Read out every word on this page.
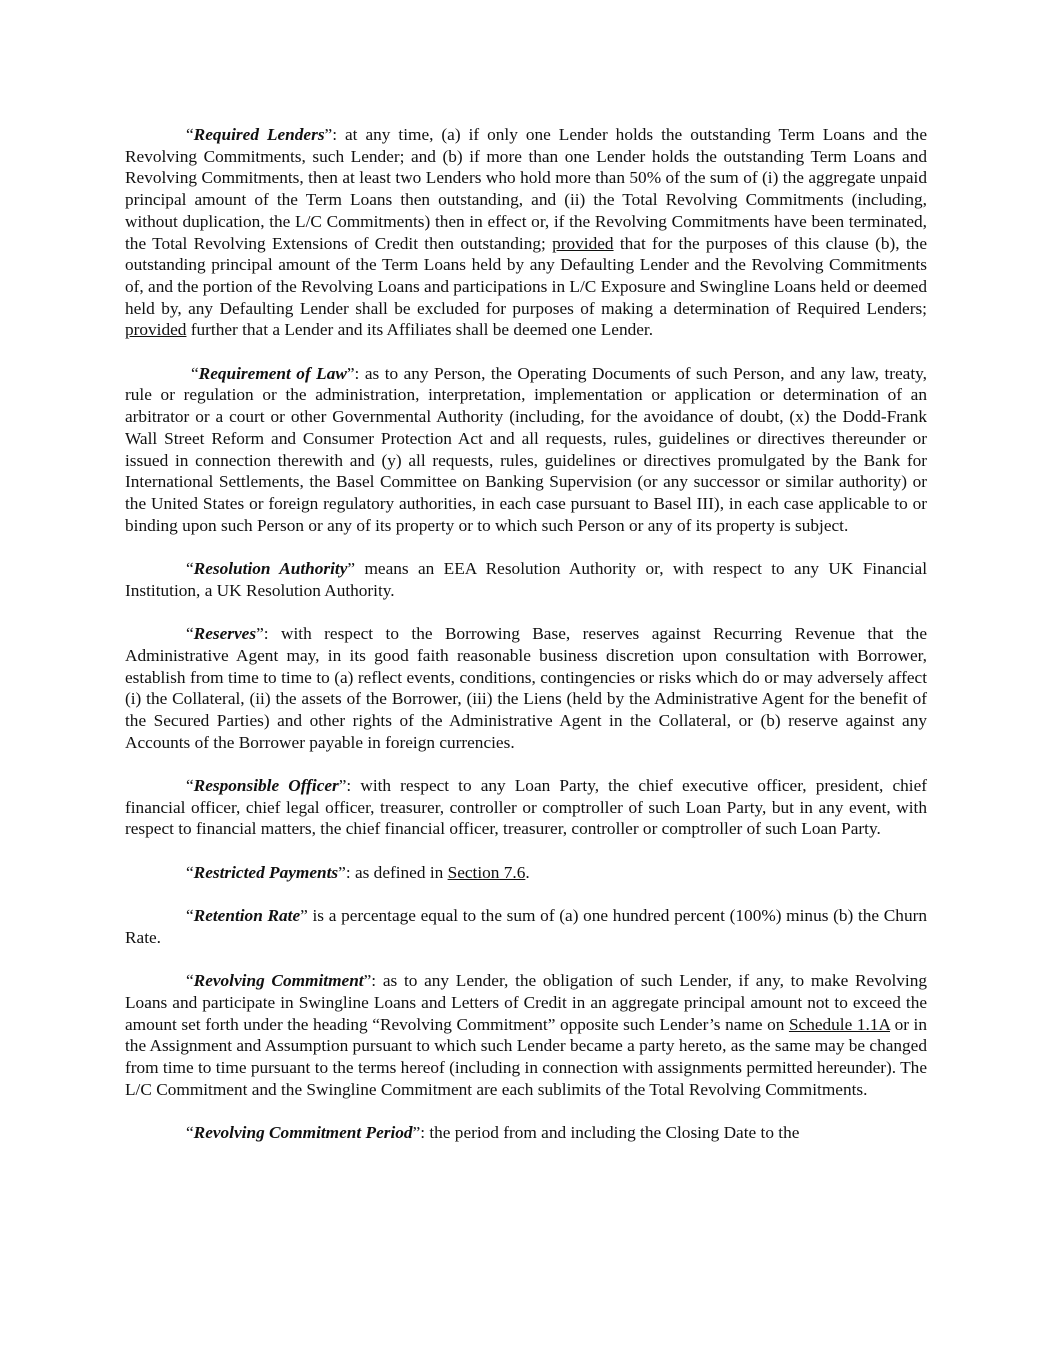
“Required Lenders”: at any time, (a) if only one Lender holds the outstanding Term Loans and the Revolving Commitments, such Lender; and (b) if more than one Lender holds the outstanding Term Loans and Revolving Commitments, then at least two Lenders who hold more than 50% of the sum of (i) the aggregate unpaid principal amount of the Term Loans then outstanding, and (ii) the Total Revolving Commitments (including, without duplication, the L/C Commitments) then in effect or, if the Revolving Commitments have been terminated, the Total Revolving Extensions of Credit then outstanding; provided that for the purposes of this clause (b), the outstanding principal amount of the Term Loans held by any Defaulting Lender and the Revolving Commitments of, and the portion of the Revolving Loans and participations in L/C Exposure and Swingline Loans held or deemed held by, any Defaulting Lender shall be excluded for purposes of making a determination of Required Lenders; provided further that a Lender and its Affiliates shall be deemed one Lender.

“Requirement of Law”: as to any Person, the Operating Documents of such Person, and any law, treaty, rule or regulation or the administration, interpretation, implementation or application or determination of an arbitrator or a court or other Governmental Authority (including, for the avoidance of doubt, (x) the Dodd-Frank Wall Street Reform and Consumer Protection Act and all requests, rules, guidelines or directives thereunder or issued in connection therewith and (y) all requests, rules, guidelines or directives promulgated by the Bank for International Settlements, the Basel Committee on Banking Supervision (or any successor or similar authority) or the United States or foreign regulatory authorities, in each case pursuant to Basel III), in each case applicable to or binding upon such Person or any of its property or to which such Person or any of its property is subject.

“Resolution Authority” means an EEA Resolution Authority or, with respect to any UK Financial Institution, a UK Resolution Authority.

“Reserves”: with respect to the Borrowing Base, reserves against Recurring Revenue that the Administrative Agent may, in its good faith reasonable business discretion upon consultation with Borrower, establish from time to time to (a) reflect events, conditions, contingencies or risks which do or may adversely affect (i) the Collateral, (ii) the assets of the Borrower, (iii) the Liens (held by the Administrative Agent for the benefit of the Secured Parties) and other rights of the Administrative Agent in the Collateral, or (b) reserve against any Accounts of the Borrower payable in foreign currencies.

“Responsible Officer”: with respect to any Loan Party, the chief executive officer, president, chief financial officer, chief legal officer, treasurer, controller or comptroller of such Loan Party, but in any event, with respect to financial matters, the chief financial officer, treasurer, controller or comptroller of such Loan Party.

“Restricted Payments”: as defined in Section 7.6.

“Retention Rate” is a percentage equal to the sum of (a) one hundred percent (100%) minus (b) the Churn Rate.

“Revolving Commitment”: as to any Lender, the obligation of such Lender, if any, to make Revolving Loans and participate in Swingline Loans and Letters of Credit in an aggregate principal amount not to exceed the amount set forth under the heading “Revolving Commitment” opposite such Lender’s name on Schedule 1.1A or in the Assignment and Assumption pursuant to which such Lender became a party hereto, as the same may be changed from time to time pursuant to the terms hereof (including in connection with assignments permitted hereunder). The L/C Commitment and the Swingline Commitment are each sublimits of the Total Revolving Commitments.

“Revolving Commitment Period”: the period from and including the Closing Date to the
